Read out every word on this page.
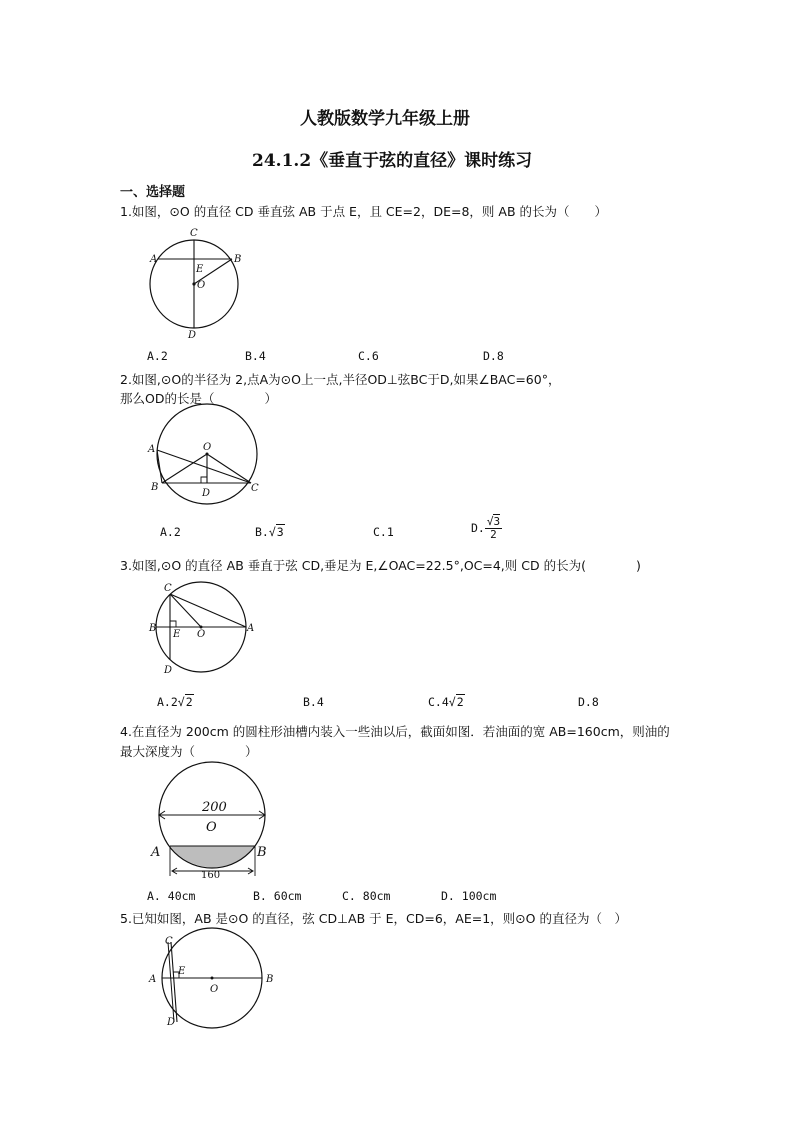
人教版数学九年级上册
24.1.2《垂直于弦的直径》课时练习
一、选择题
1.如图，⊙O 的直径 CD 垂直弦 AB 于点 E，且 CE=2，DE=8，则 AB 的长为（　　）
C
A	B
E
O
D
A.2	B.4	C.6	D.8
2.如图,⊙O的半径为 2,点A为⊙O上一点,半径OD⊥弦BC于D,如果∠BAC=60°，
那么OD的长是（　　　　）
A	O
B
D	C
A.2	B.√3	C.1	D. $\frac{√3}{2}$
3.如图,⊙O 的直径 AB 垂直于弦 CD,垂足为 E,∠OAC=22.5°,OC=4,则 CD 的长为(　　　　)
C
B
E O
A
D
A.2√2	B.4	C.4√2	D.8
4.在直径为 200cm 的圆柱形油槽内装入一些油以后，截面如图．若油面的宽 AB=160cm，则油的
最大深度为（　　　　）
200
O
A	B
160
A. 40cm	B. 60cm	C. 80cm	D. 100cm
5.已知如图，AB 是⊙O 的直径，弦 CD⊥AB 于 E，CD=6，AE=1，则⊙O 的直径为（　）
C
E
A
O
B
D
